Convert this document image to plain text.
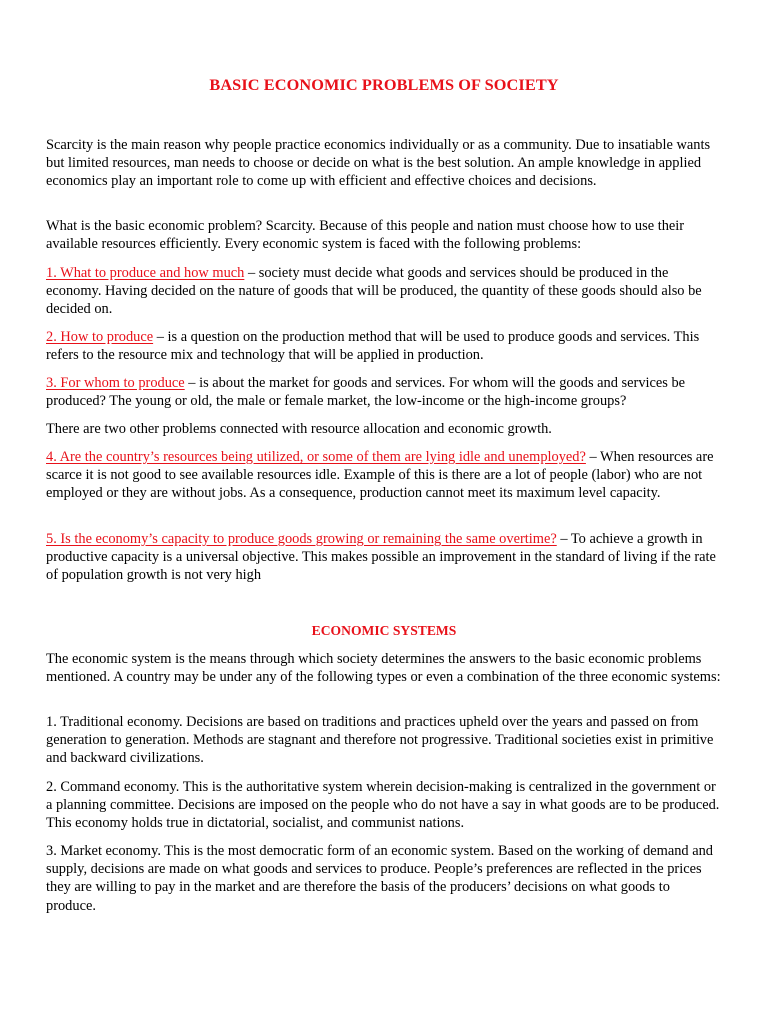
BASIC ECONOMIC PROBLEMS OF SOCIETY

Scarcity is the main reason why people practice economics individually or as a community. Due to insatiable wants but limited resources, man needs to choose or decide on what is the best solution. An ample knowledge in applied economics play an important role to come up with efficient and effective choices and decisions.

What is the basic economic problem? Scarcity. Because of this people and nation must choose how to use their available resources efficiently. Every economic system is faced with the following problems:

1. What to produce and how much – society must decide what goods and services should be produced in the economy. Having decided on the nature of goods that will be produced, the quantity of these goods should also be decided on.

2. How to produce – is a question on the production method that will be used to produce goods and services. This refers to the resource mix and technology that will be applied in production.

3. For whom to produce – is about the market for goods and services. For whom will the goods and services be produced? The young or old, the male or female market, the low-income or the high-income groups?

There are two other problems connected with resource allocation and economic growth.

4. Are the country’s resources being utilized, or some of them are lying idle and unemployed? – When resources are scarce it is not good to see available resources idle. Example of this is there are a lot of people (labor) who are not employed or they are without jobs. As a consequence, production cannot meet its maximum level capacity.

5. Is the economy’s capacity to produce goods growing or remaining the same overtime? – To achieve a growth in productive capacity is a universal objective. This makes possible an improvement in the standard of living if the rate of population growth is not very high

ECONOMIC SYSTEMS

The economic system is the means through which society determines the answers to the basic economic problems mentioned. A country may be under any of the following types or even a combination of the three economic systems:

1. Traditional economy. Decisions are based on traditions and practices upheld over the years and passed on from generation to generation. Methods are stagnant and therefore not progressive. Traditional societies exist in primitive and backward civilizations.

2. Command economy. This is the authoritative system wherein decision-making is centralized in the government or a planning committee. Decisions are imposed on the people who do not have a say in what goods are to be produced. This economy holds true in dictatorial, socialist, and communist nations.

3. Market economy. This is the most democratic form of an economic system. Based on the working of demand and supply, decisions are made on what goods and services to produce. People’s preferences are reflected in the prices they are willing to pay in the market and are therefore the basis of the producers’ decisions on what goods to produce.
